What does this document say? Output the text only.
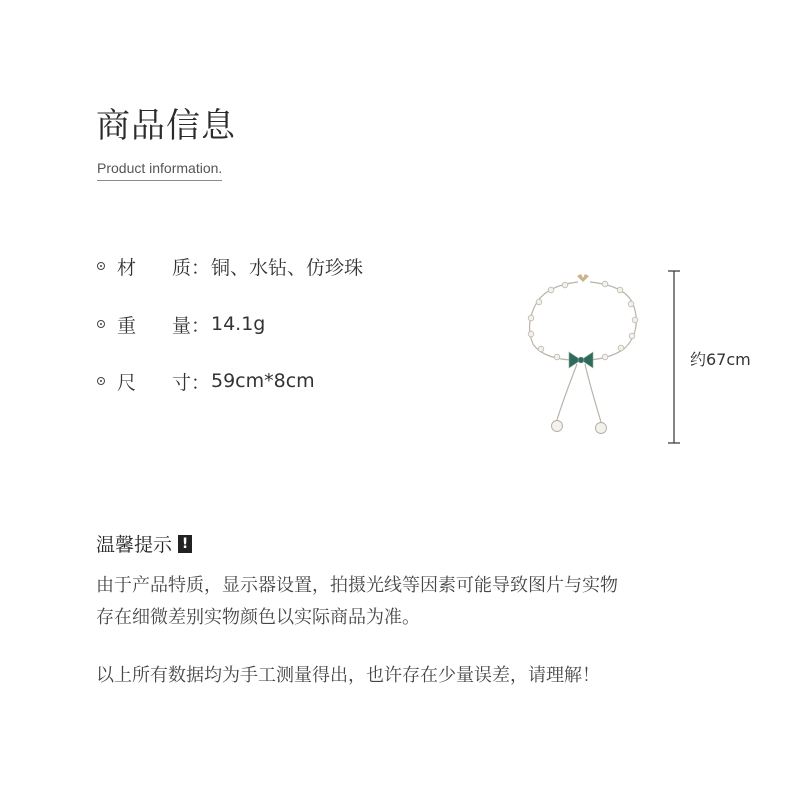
商品信息
Product information.
材 质 ： 铜、水钻、仿珍珠
重 量 ： 14.1g
尺 寸 ： 59cm*8cm
约67cm
温馨提示 !

由于产品特质，显示器设置，拍摄光线等因素可能导致图片与实物

存在细微差别实物颜色以实际商品为准。

以上所有数据均为手工测量得出，也许存在少量误差，请理解！
